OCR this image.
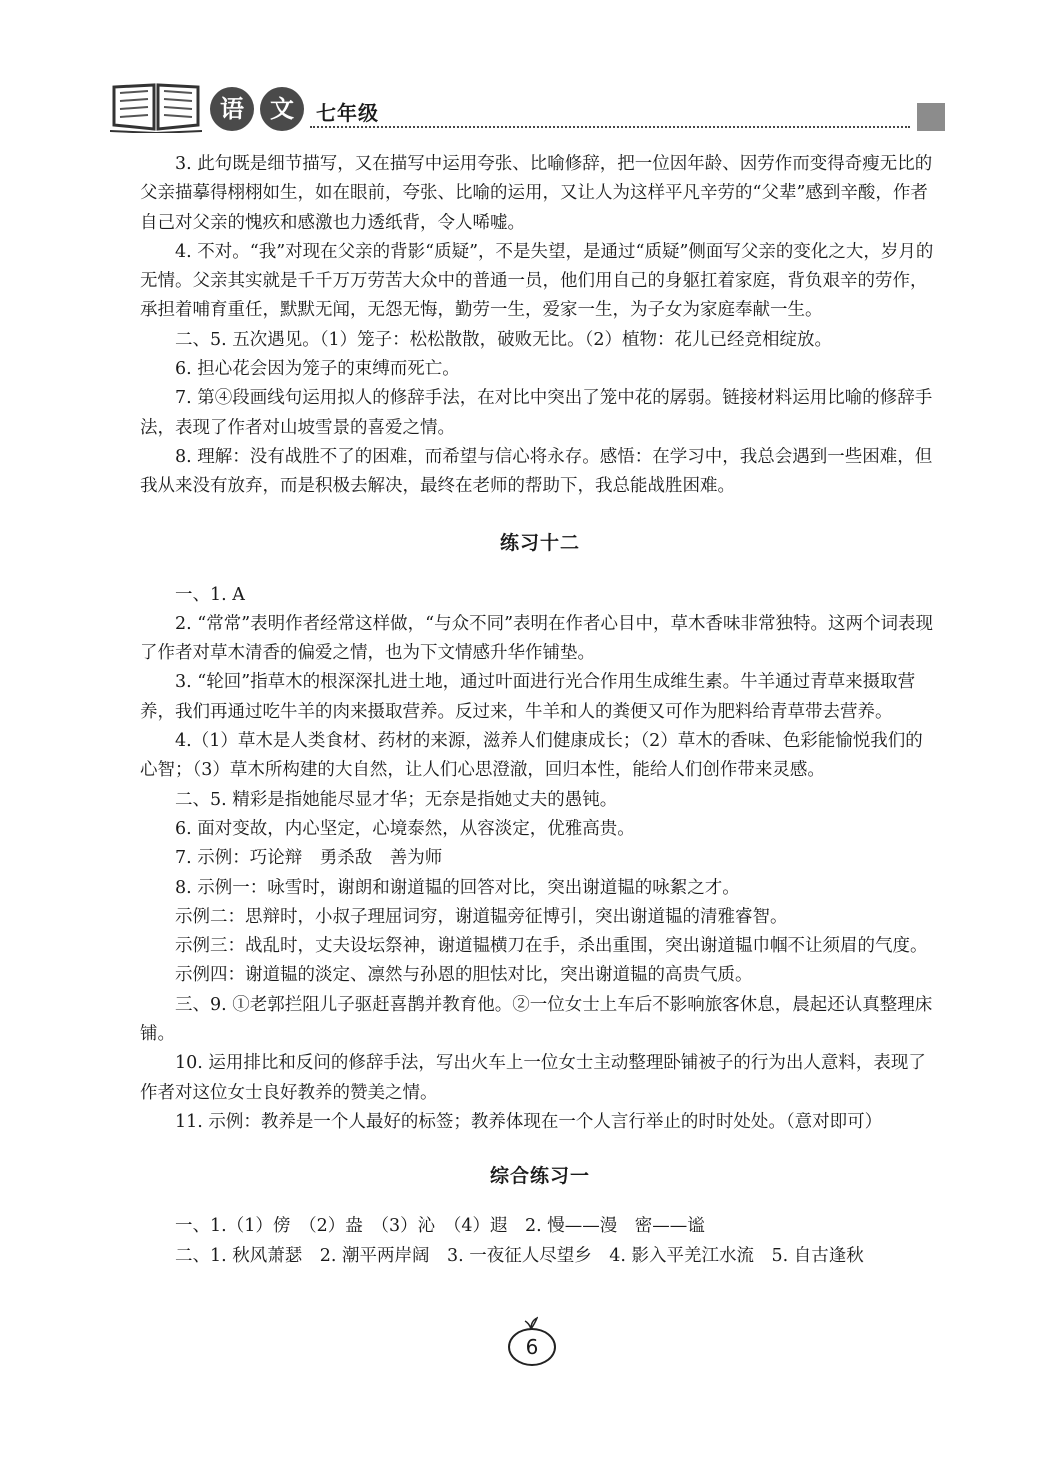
语	文	七年级

3. 此句既是细节描写，又在描写中运用夸张、比喻修辞，把一位因年龄、因劳作而变得奇瘦无比的父亲描摹得栩栩如生，如在眼前，夸张、比喻的运用，又让人为这样平凡辛劳的“父辈”感到辛酸，作者自己对父亲的愧疚和感激也力透纸背，令人唏嘘。

4. 不对。“我”对现在父亲的背影“质疑”，不是失望，是通过“质疑”侧面写父亲的变化之大，岁月的无情。父亲其实就是千千万万劳苦大众中的普通一员，他们用自己的身躯扛着家庭，背负艰辛的劳作，承担着哺育重任，默默无闻，无怨无悔，勤劳一生，爱家一生，为子女为家庭奉献一生。

二、5. 五次遇见。（1）笼子：松松散散，破败无比。（2）植物：花儿已经竞相绽放。

6. 担心花会因为笼子的束缚而死亡。

7. 第④段画线句运用拟人的修辞手法，在对比中突出了笼中花的孱弱。链接材料运用比喻的修辞手法，表现了作者对山坡雪景的喜爱之情。

8. 理解：没有战胜不了的困难，而希望与信心将永存。感悟：在学习中，我总会遇到一些困难，但我从来没有放弃，而是积极去解决，最终在老师的帮助下，我总能战胜困难。

练习十二

一、1. A

2. “常常”表明作者经常这样做，“与众不同”表明在作者心目中，草木香味非常独特。这两个词表现了作者对草木清香的偏爱之情，也为下文情感升华作铺垫。

3. “轮回”指草木的根深深扎进土地，通过叶面进行光合作用生成维生素。牛羊通过青草来摄取营养，我们再通过吃牛羊的肉来摄取营养。反过来，牛羊和人的粪便又可作为肥料给青草带去营养。

4.（1）草木是人类食材、药材的来源，滋养人们健康成长；（2）草木的香味、色彩能愉悦我们的心智；（3）草木所构建的大自然，让人们心思澄澈，回归本性，能给人们创作带来灵感。

二、5. 精彩是指她能尽显才华；无奈是指她丈夫的愚钝。

6. 面对变故，内心坚定，心境泰然，从容淡定，优雅高贵。

7. 示例：巧论辩　勇杀敌　善为师

8. 示例一：咏雪时，谢朗和谢道韫的回答对比，突出谢道韫的咏絮之才。

示例二：思辩时，小叔子理屈词穷，谢道韫旁征博引，突出谢道韫的清雅睿智。

示例三：战乱时，丈夫设坛祭神，谢道韫横刀在手，杀出重围，突出谢道韫巾帼不让须眉的气度。

示例四：谢道韫的淡定、凛然与孙恩的胆怯对比，突出谢道韫的高贵气质。

三、9. ①老郭拦阻儿子驱赶喜鹊并教育他。②一位女士上车后不影响旅客休息，晨起还认真整理床铺。

10. 运用排比和反问的修辞手法，写出火车上一位女士主动整理卧铺被子的行为出人意料，表现了作者对这位女士良好教养的赞美之情。

11. 示例：教养是一个人最好的标签；教养体现在一个人言行举止的时时处处。（意对即可）

综合练习一

一、1.（1）傍　（2）盎　（3）沁　（4）遐　2. 慢——漫　密——谧

二、1. 秋风萧瑟　2. 潮平两岸阔　3. 一夜征人尽望乡　4. 影入平羌江水流　5. 自古逢秋

6
